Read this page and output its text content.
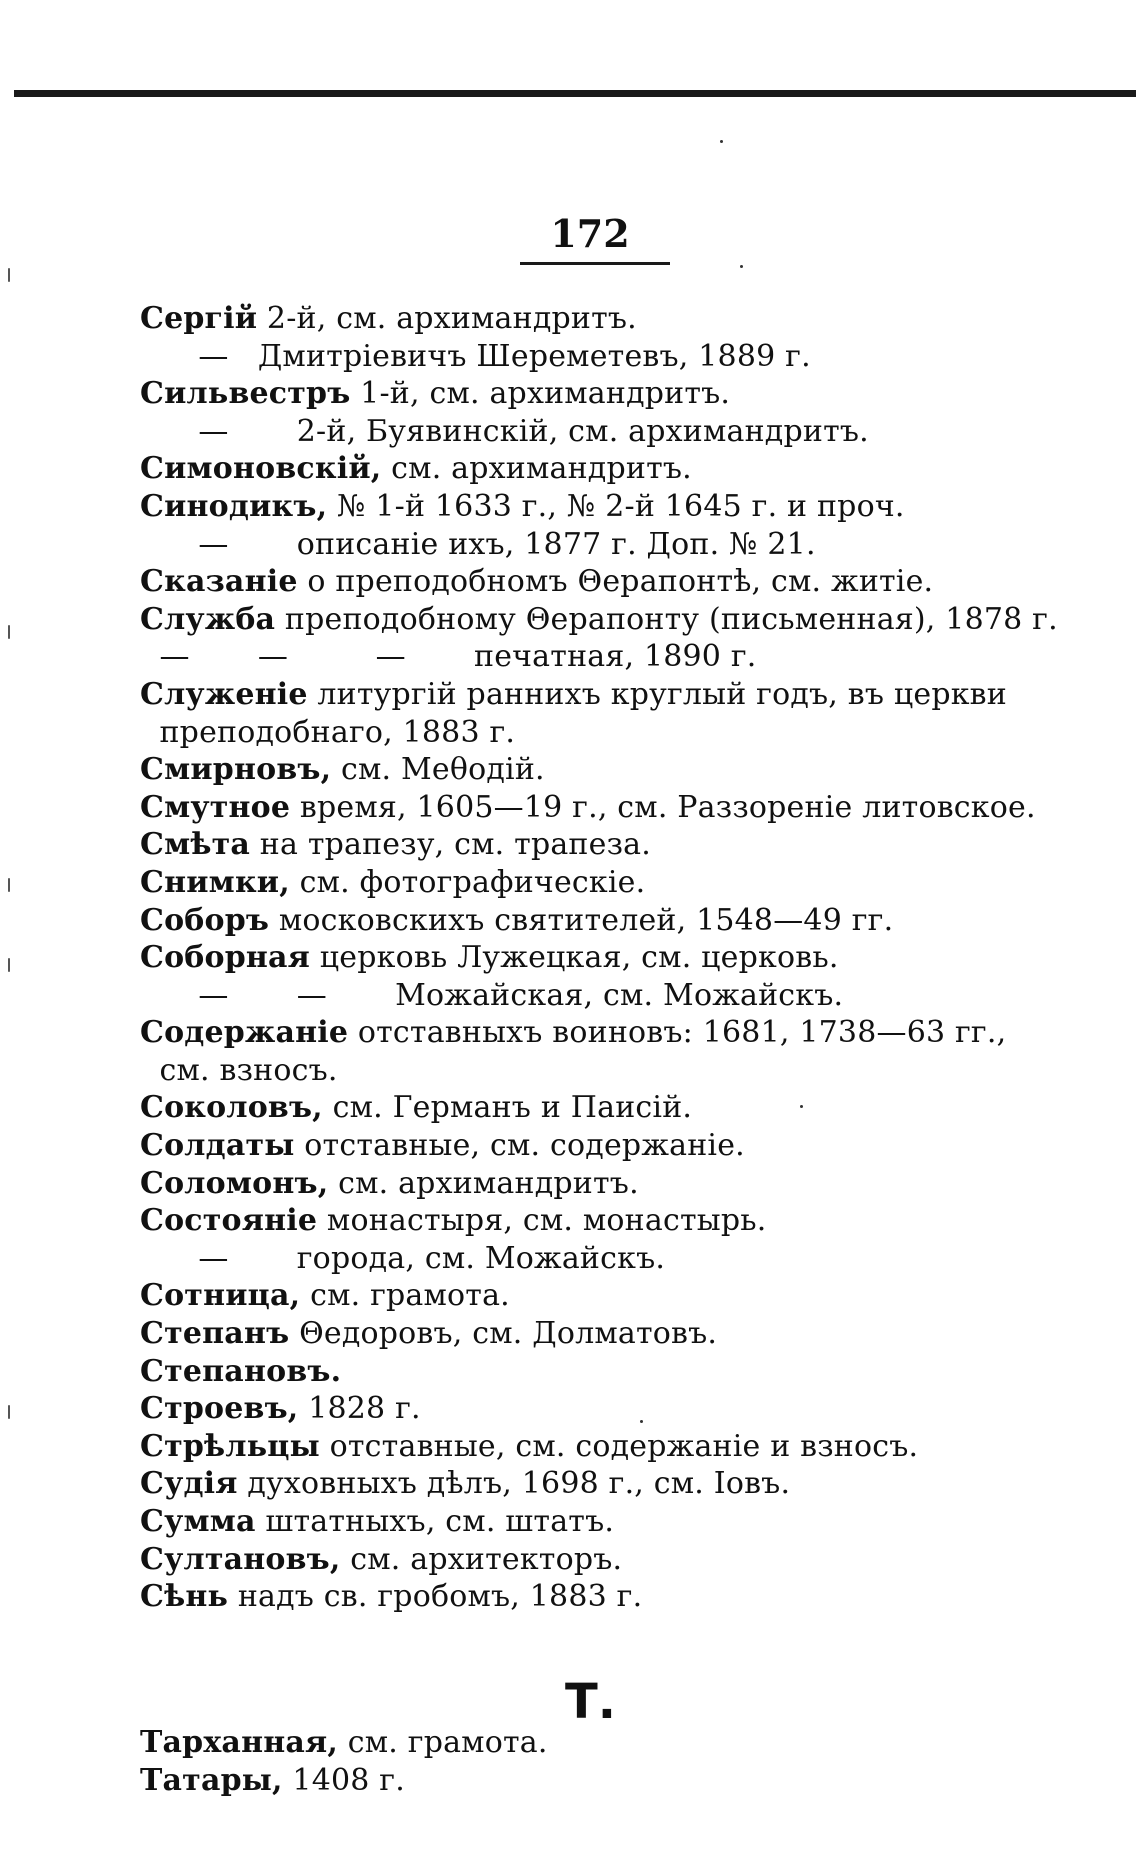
172
Сергій 2-й, см. архимандритъ.
—   Дмитріевичъ Шереметевъ, 1889 г.
Сильвестръ 1-й, см. архимандритъ.
—       2-й, Буявинскій, см. архимандритъ.
Симоновскій, см. архимандритъ.
Синодикъ, № 1-й 1633 г., № 2-й 1645 г. и проч.
—       описаніе ихъ, 1877 г. Доп. № 21.
Сказаніе о преподобномъ Θерапонтѣ, см. житіе.
Служба преподобному Θерапонту (письменная), 1878 г.
—       —         —       печатная, 1890 г.
Служеніе литургій раннихъ круглый годъ, въ церкви
преподобнаго, 1883 г.
Смирновъ, см. Меθодій.
Смутное время, 1605—19 г., см. Раззореніе литовское.
Смѣта на трапезу, см. трапеза.
Снимки, см. фотографическіе.
Соборъ московскихъ святителей, 1548—49 гг.
Соборная церковь Лужецкая, см. церковь.
—       —       Можайская, см. Можайскъ.
Содержаніе отставныхъ воиновъ: 1681, 1738—63 гг.,
см. взносъ.
Соколовъ, см. Германъ и Паисій.
Солдаты отставные, см. содержаніе.
Соломонъ, см. архимандритъ.
Состояніе монастыря, см. монастырь.
—       города, см. Можайскъ.
Сотница, см. грамота.
Степанъ Θедоровъ, см. Долматовъ.
Степановъ.
Строевъ, 1828 г.
Стрѣльцы отставные, см. содержаніе и взносъ.
Судія духовныхъ дѣлъ, 1698 г., см. Іовъ.
Сумма штатныхъ, см. штатъ.
Султановъ, см. архитекторъ.
Сѣнь надъ св. гробомъ, 1883 г.
Т.
Тарханная, см. грамота.
Татары, 1408 г.
